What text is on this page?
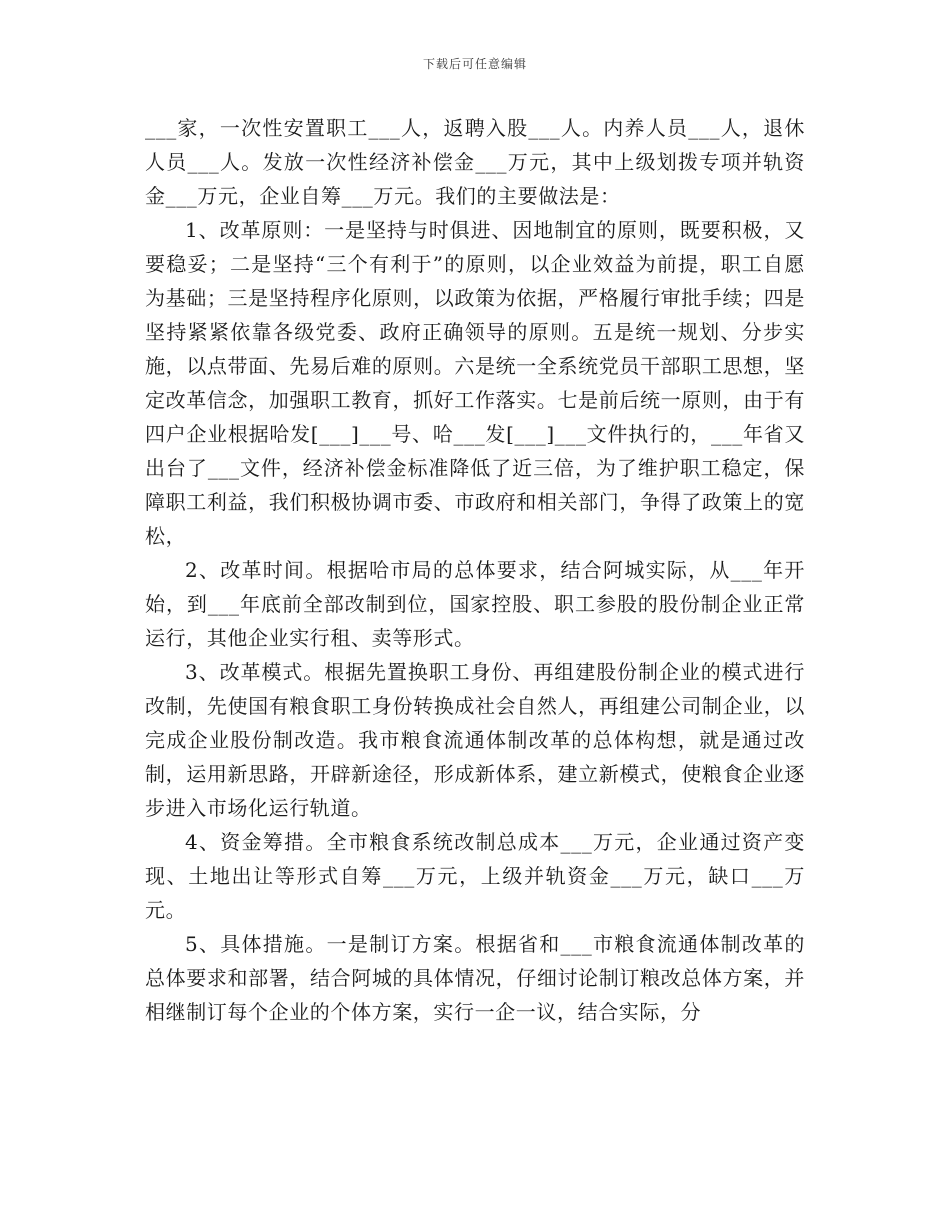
下载后可任意编辑

___家，一次性安置职工___人，返聘入股___人。内养人员___人，退休人员___人。发放一次性经济补偿金___万元，其中上级划拨专项并轨资金___万元，企业自筹___万元。我们的主要做法是：

1、改革原则：一是坚持与时俱进、因地制宜的原则，既要积极，又要稳妥；二是坚持“三个有利于”的原则，以企业效益为前提，职工自愿为基础；三是坚持程序化原则，以政策为依据，严格履行审批手续；四是坚持紧紧依靠各级党委、政府正确领导的原则。五是统一规划、分步实施，以点带面、先易后难的原则。六是统一全系统党员干部职工思想，坚定改革信念，加强职工教育，抓好工作落实。七是前后统一原则，由于有四户企业根据哈发[___]___号、哈___发[___]___文件执行的，___年省又出台了___文件，经济补偿金标准降低了近三倍，为了维护职工稳定，保障职工利益，我们积极协调市委、市政府和相关部门，争得了政策上的宽松，

2、改革时间。根据哈市局的总体要求，结合阿城实际，从___年开始，到___年底前全部改制到位，国家控股、职工参股的股份制企业正常运行，其他企业实行租、卖等形式。

3、改革模式。根据先置换职工身份、再组建股份制企业的模式进行改制，先使国有粮食职工身份转换成社会自然人，再组建公司制企业，以完成企业股份制改造。我市粮食流通体制改革的总体构想，就是通过改制，运用新思路，开辟新途径，形成新体系，建立新模式，使粮食企业逐步进入市场化运行轨道。

4、资金筹措。全市粮食系统改制总成本___万元，企业通过资产变现、土地出让等形式自筹___万元，上级并轨资金___万元，缺口___万元。

5、具体措施。一是制订方案。根据省和___市粮食流通体制改革的总体要求和部署，结合阿城的具体情况，仔细讨论制订粮改总体方案，并相继制订每个企业的个体方案，实行一企一议，结合实际，分
